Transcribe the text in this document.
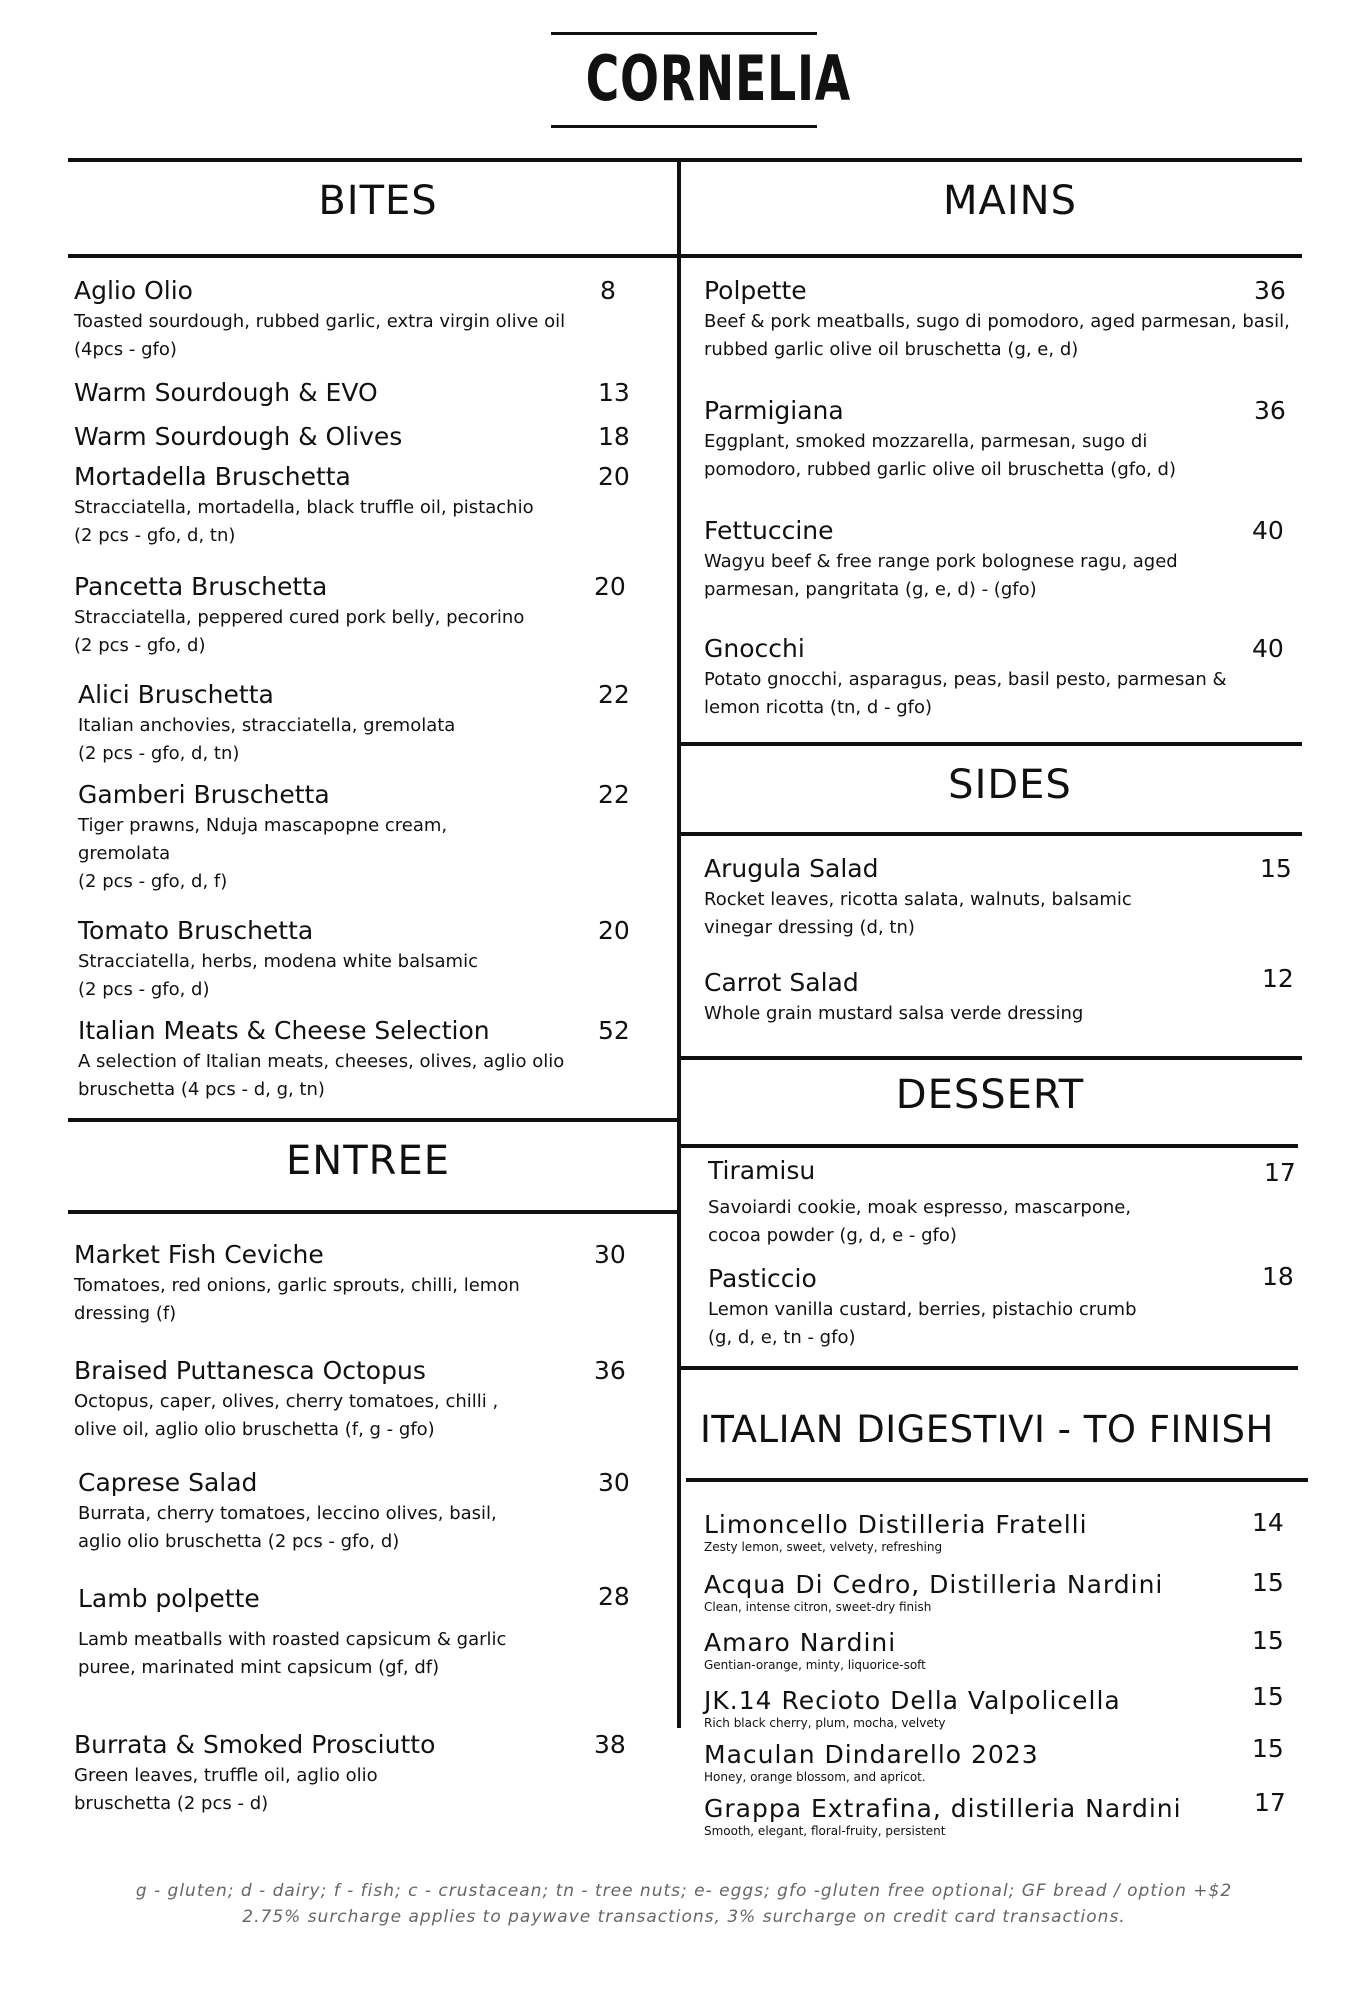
CORNELIA
BITES	MAINS
ENTREE
SIDES
DESSERT
ITALIAN DIGESTIVI - TO FINISH
Aglio Olio
Toasted sourdough, rubbed garlic, extra virgin olive oil
(4pcs - gfo)
8
Warm Sourdough & EVO	13
Warm Sourdough & Olives	18
Mortadella Bruschetta
Stracciatella, mortadella, black truffle oil, pistachio
(2 pcs - gfo, d, tn)
20
Pancetta Bruschetta
Stracciatella, peppered cured pork belly, pecorino
(2 pcs - gfo, d)
20
Alici Bruschetta
Italian anchovies, stracciatella, gremolata
(2 pcs - gfo, d, tn)
22
Gamberi Bruschetta
Tiger prawns, Nduja mascapopne cream,
gremolata
(2 pcs - gfo, d, f)
22
Tomato Bruschetta
Stracciatella, herbs, modena white balsamic
(2 pcs - gfo, d)
20
Italian Meats & Cheese Selection
A selection of Italian meats, cheeses, olives, aglio olio
bruschetta (4 pcs - d, g, tn)
52
Market Fish Ceviche
Tomatoes, red onions, garlic sprouts, chilli, lemon
dressing (f)
30
Braised Puttanesca Octopus
Octopus, caper, olives, cherry tomatoes, chilli ,
olive oil, aglio olio bruschetta (f, g - gfo)
36
Caprese Salad
Burrata, cherry tomatoes, leccino olives, basil,
aglio olio bruschetta (2 pcs - gfo, d)
30
Lamb polpette
Lamb meatballs with roasted capsicum & garlic
puree, marinated mint capsicum (gf, df)
28
Burrata & Smoked Prosciutto
Green leaves, truffle oil, aglio olio
bruschetta (2 pcs - d)
38
Polpette
Beef & pork meatballs, sugo di pomodoro, aged parmesan, basil,
rubbed garlic olive oil bruschetta (g, e, d)
36
Parmigiana
Eggplant, smoked mozzarella, parmesan, sugo di
pomodoro, rubbed garlic olive oil bruschetta (gfo, d)
36
Fettuccine
Wagyu beef & free range pork bolognese ragu, aged
parmesan, pangritata (g, e, d) - (gfo)
40
Gnocchi
Potato gnocchi, asparagus, peas, basil pesto, parmesan &
lemon ricotta (tn, d - gfo)
40
Arugula Salad
Rocket leaves, ricotta salata, walnuts, balsamic
vinegar dressing (d, tn)
15
Carrot Salad
Whole grain mustard salsa verde dressing
12
Tiramisu
Savoiardi cookie, moak espresso, mascarpone,
cocoa powder (g, d, e - gfo)
17
Pasticcio
Lemon vanilla custard, berries, pistachio crumb
(g, d, e, tn - gfo)
18
Limoncello Distilleria Fratelli
Zesty lemon, sweet, velvety, refreshing
14
Acqua Di Cedro, Distilleria Nardini
Clean, intense citron, sweet-dry finish
15
Amaro Nardini
Gentian-orange, minty, liquorice-soft
15
JK.14 Recioto Della Valpolicella
Rich black cherry, plum, mocha, velvety
15
Maculan Dindarello 2023
Honey, orange blossom, and apricot.
15
Grappa Extrafina, distilleria Nardini
Smooth, elegant, floral-fruity, persistent
17
g - gluten; d - dairy; f - fish; c - crustacean; tn - tree nuts; e- eggs; gfo -gluten free optional; GF bread / option +$2
2.75% surcharge applies to paywave transactions, 3% surcharge on credit card transactions.
